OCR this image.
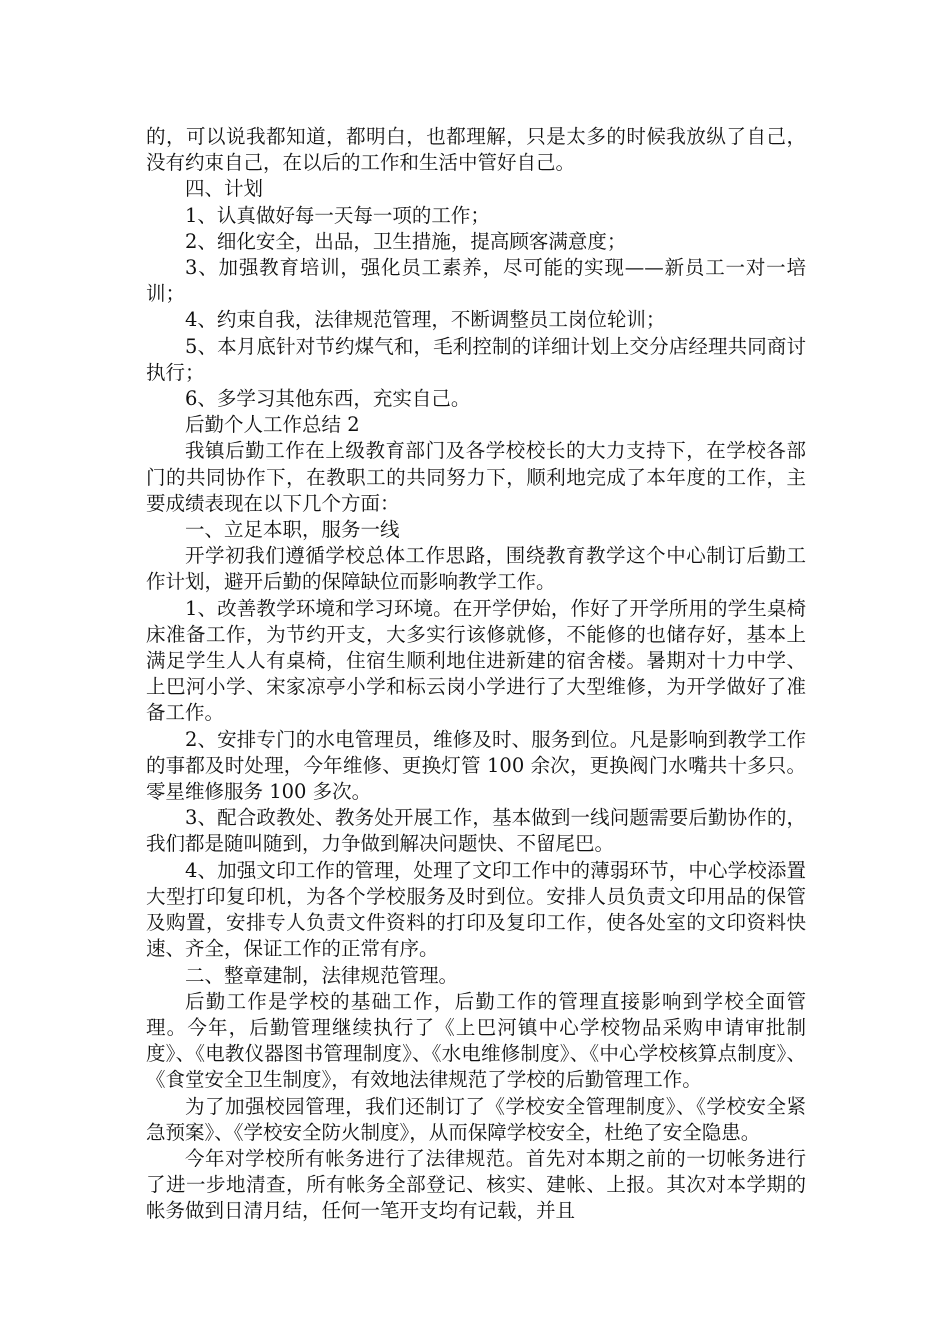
的，可以说我都知道，都明白，也都理解，只是太多的时候我放纵了自己，没有约束自己，在以后的工作和生活中管好自己。

四、计划

1、认真做好每一天每一项的工作；

2、细化安全，出品，卫生措施，提高顾客满意度；

3、加强教育培训，强化员工素养，尽可能的实现——新员工一对一培训；

4、约束自我，法律规范管理，不断调整员工岗位轮训；

5、本月底针对节约煤气和，毛利控制的详细计划上交分店经理共同商讨执行；

6、多学习其他东西，充实自己。

后勤个人工作总结 2

我镇后勤工作在上级教育部门及各学校校长的大力支持下，在学校各部门的共同协作下，在教职工的共同努力下，顺利地完成了本年度的工作，主要成绩表现在以下几个方面：

一、立足本职，服务一线

开学初我们遵循学校总体工作思路，围绕教育教学这个中心制订后勤工作计划，避开后勤的保障缺位而影响教学工作。

1、改善教学环境和学习环境。在开学伊始，作好了开学所用的学生桌椅床准备工作，为节约开支，大多实行该修就修，不能修的也储存好，基本上满足学生人人有桌椅，住宿生顺利地住进新建的宿舍楼。暑期对十力中学、上巴河小学、宋家凉亭小学和标云岗小学进行了大型维修，为开学做好了准备工作。

2、安排专门的水电管理员，维修及时、服务到位。凡是影响到教学工作的事都及时处理，今年维修、更换灯管 100 余次，更换阀门水嘴共十多只。零星维修服务 100 多次。

3、配合政教处、教务处开展工作，基本做到一线问题需要后勤协作的，我们都是随叫随到，力争做到解决问题快、不留尾巴。

4、加强文印工作的管理，处理了文印工作中的薄弱环节，中心学校添置大型打印复印机，为各个学校服务及时到位。安排人员负责文印用品的保管及购置，安排专人负责文件资料的打印及复印工作，使各处室的文印资料快速、齐全，保证工作的正常有序。

二、整章建制，法律规范管理。

后勤工作是学校的基础工作，后勤工作的管理直接影响到学校全面管理。今年，后勤管理继续执行了《上巴河镇中心学校物品采购申请审批制度》、《电教仪器图书管理制度》、《水电维修制度》、《中心学校核算点制度》、《食堂安全卫生制度》，有效地法律规范了学校的后勤管理工作。

为了加强校园管理，我们还制订了《学校安全管理制度》、《学校安全紧急预案》、《学校安全防火制度》，从而保障学校安全，杜绝了安全隐患。

今年对学校所有帐务进行了法律规范。首先对本期之前的一切帐务进行了进一步地清查，所有帐务全部登记、核实、建帐、上报。其次对本学期的帐务做到日清月结，任何一笔开支均有记载，并且
